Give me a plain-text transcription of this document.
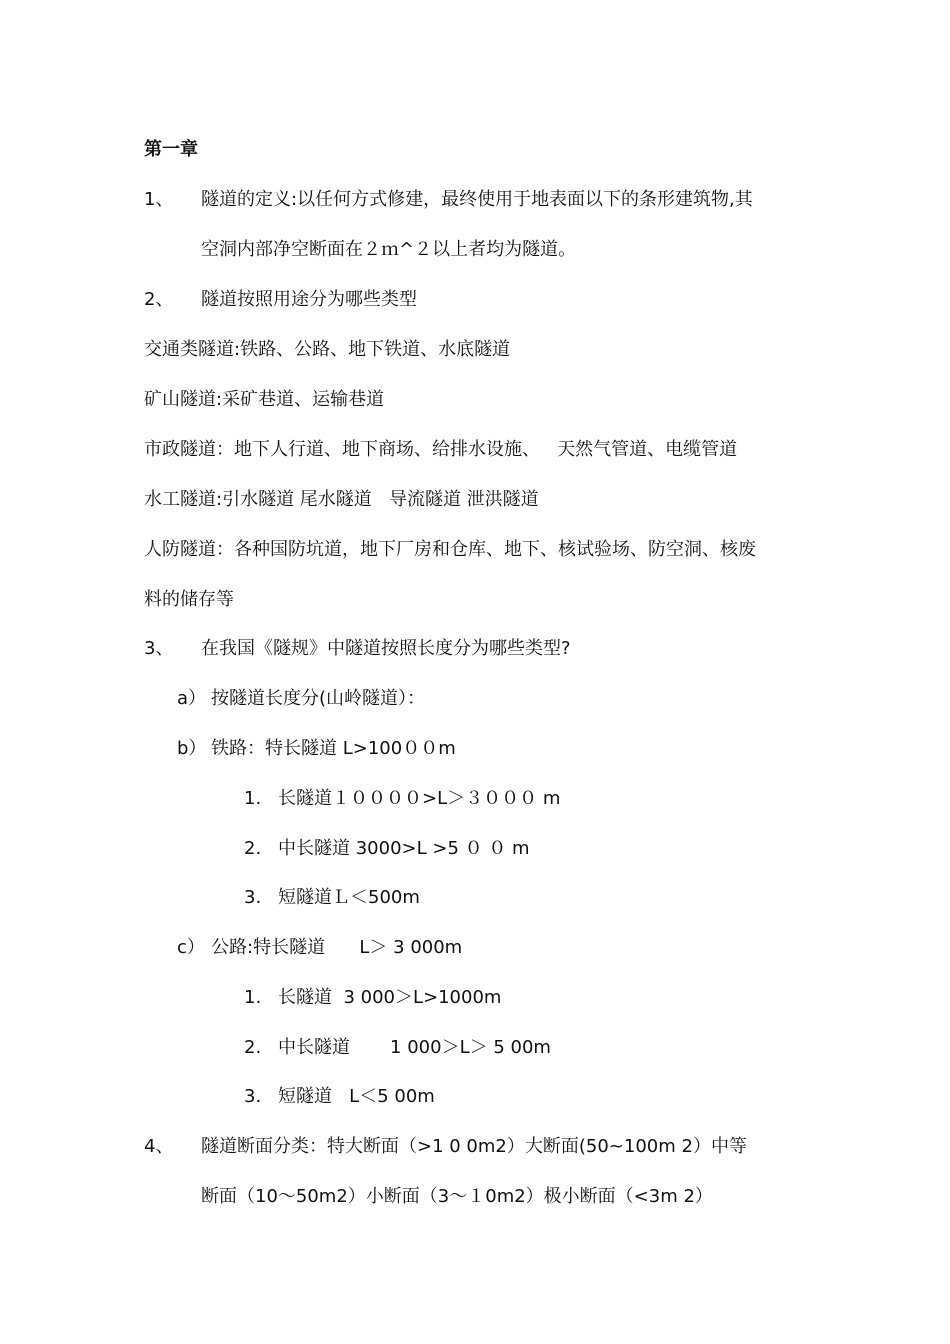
第一章
1、 隧道的定义:以任何方式修建，最终使用于地表面以下的条形建筑物,其
空洞内部净空断面在２ｍ^２以上者均为隧道。
2、 隧道按照用途分为哪些类型
交通类隧道:铁路、公路、地下铁道、水底隧道
矿山隧道:采矿巷道、运输巷道
市政隧道：地下人行道、地下商场、给排水设施、   天然气管道、电缆管道
水工隧道:引水隧道 尾水隧道   导流隧道 泄洪隧道
人防隧道：各种国防坑道，地下厂房和仓库、地下、核试验场、防空洞、核废
料的储存等
3、 在我国《隧规》中隧道按照长度分为哪些类型?
a） 按隧道长度分(山岭隧道）：
b） 铁路：特长隧道 L>100００m
1. 长隧道１００００>L＞３０００ m
2. 中长隧道 3000>L >5 ０ ０ m
3. 短隧道Ｌ＜500m
c） 公路:特长隧道      L＞ 3 000m
1. 长隧道  3 000＞L>1000m
2. 中长隧道       1 000＞L＞ 5 00m
3. 短隧道   L＜5 00m
4、 隧道断面分类：特大断面（>1 0 0m2）大断面(50~100m 2）中等
断面（10～50m2）小断面（3～１0m2）极小断面（<3m 2）
